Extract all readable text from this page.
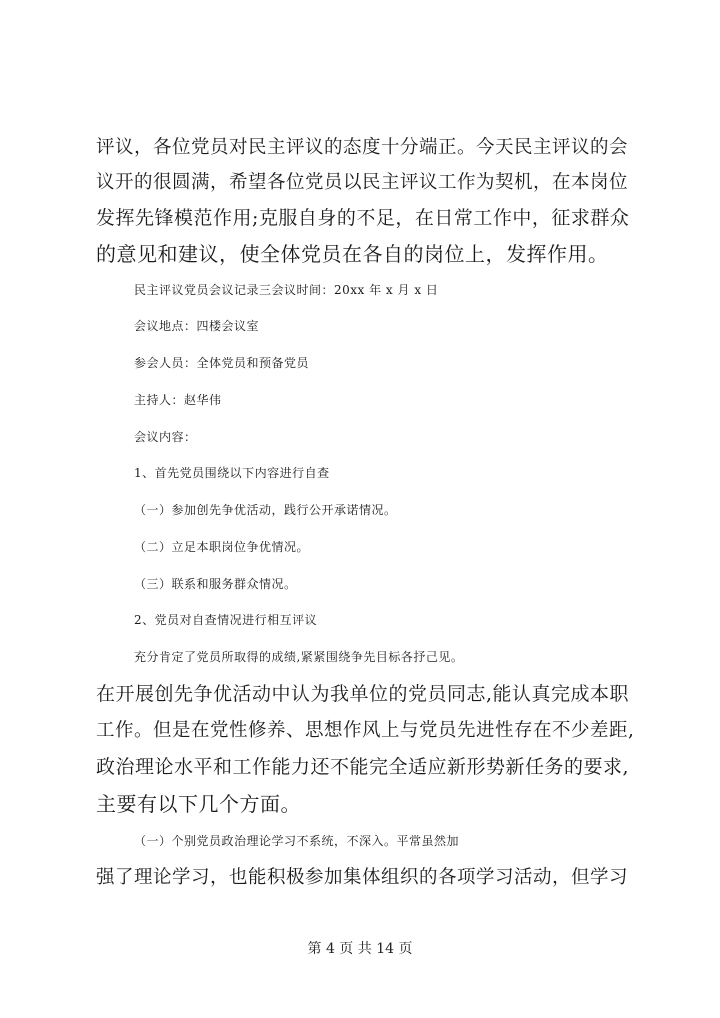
评议，各位党员对民主评议的态度十分端正。今天民主评议的会
议开的很圆满，希望各位党员以民主评议工作为契机，在本岗位
发挥先锋模范作用;克服自身的不足，在日常工作中，征求群众
的意见和建议，使全体党员在各自的岗位上，发挥作用。
民主评议党员会议记录三会议时间：20xx 年 x 月 x 日
会议地点：四楼会议室
参会人员：全体党员和预备党员
主持人：赵华伟
会议内容：
1、首先党员围绕以下内容进行自查
（一）参加创先争优活动，践行公开承诺情况。
（二）立足本职岗位争优情况。
（三）联系和服务群众情况。
2、党员对自查情况进行相互评议
充分肯定了党员所取得的成绩,紧紧围绕争先目标各抒己见。
在开展创先争优活动中认为我单位的党员同志,能认真完成本职
工作。但是在党性修养、思想作风上与党员先进性存在不少差距,
政治理论水平和工作能力还不能完全适应新形势新任务的要求,
主要有以下几个方面。
（一）个别党员政治理论学习不系统，不深入。平常虽然加
强了理论学习，也能积极参加集体组织的各项学习活动，但学习
第 4 页 共 14 页
